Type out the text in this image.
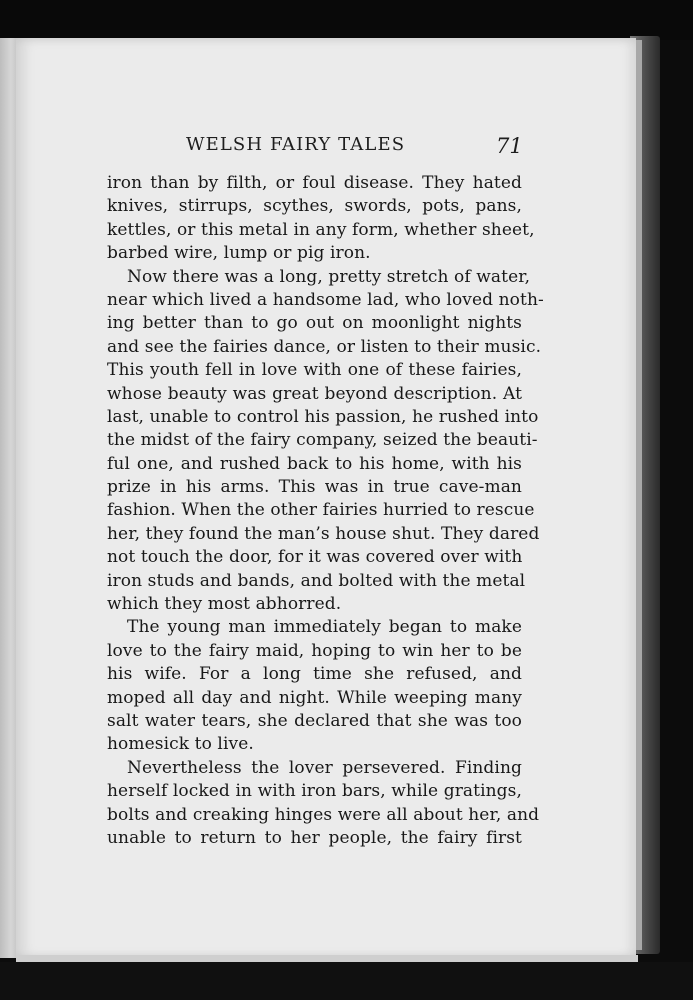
WELSH FAIRY TALES	71
iron than by filth, or foul disease. They hated
knives, stirrups, scythes, swords, pots, pans,
kettles, or this metal in any form, whether sheet,
barbed wire, lump or pig iron.
Now there was a long, pretty stretch of water,
near which lived a handsome lad, who loved noth-
ing better than to go out on moonlight nights
and see the fairies dance, or listen to their music.
This youth fell in love with one of these fairies,
whose beauty was great beyond description. At
last, unable to control his passion, he rushed into
the midst of the fairy company, seized the beauti-
ful one, and rushed back to his home, with his
prize in his arms. This was in true cave-man
fashion. When the other fairies hurried to rescue
her, they found the man’s house shut. They dared
not touch the door, for it was covered over with
iron studs and bands, and bolted with the metal
which they most abhorred.
The young man immediately began to make
love to the fairy maid, hoping to win her to be
his wife. For a long time she refused, and
moped all day and night. While weeping many
salt water tears, she declared that she was too
homesick to live.
Nevertheless the lover persevered. Finding
herself locked in with iron bars, while gratings,
bolts and creaking hinges were all about her, and
unable to return to her people, the fairy first
